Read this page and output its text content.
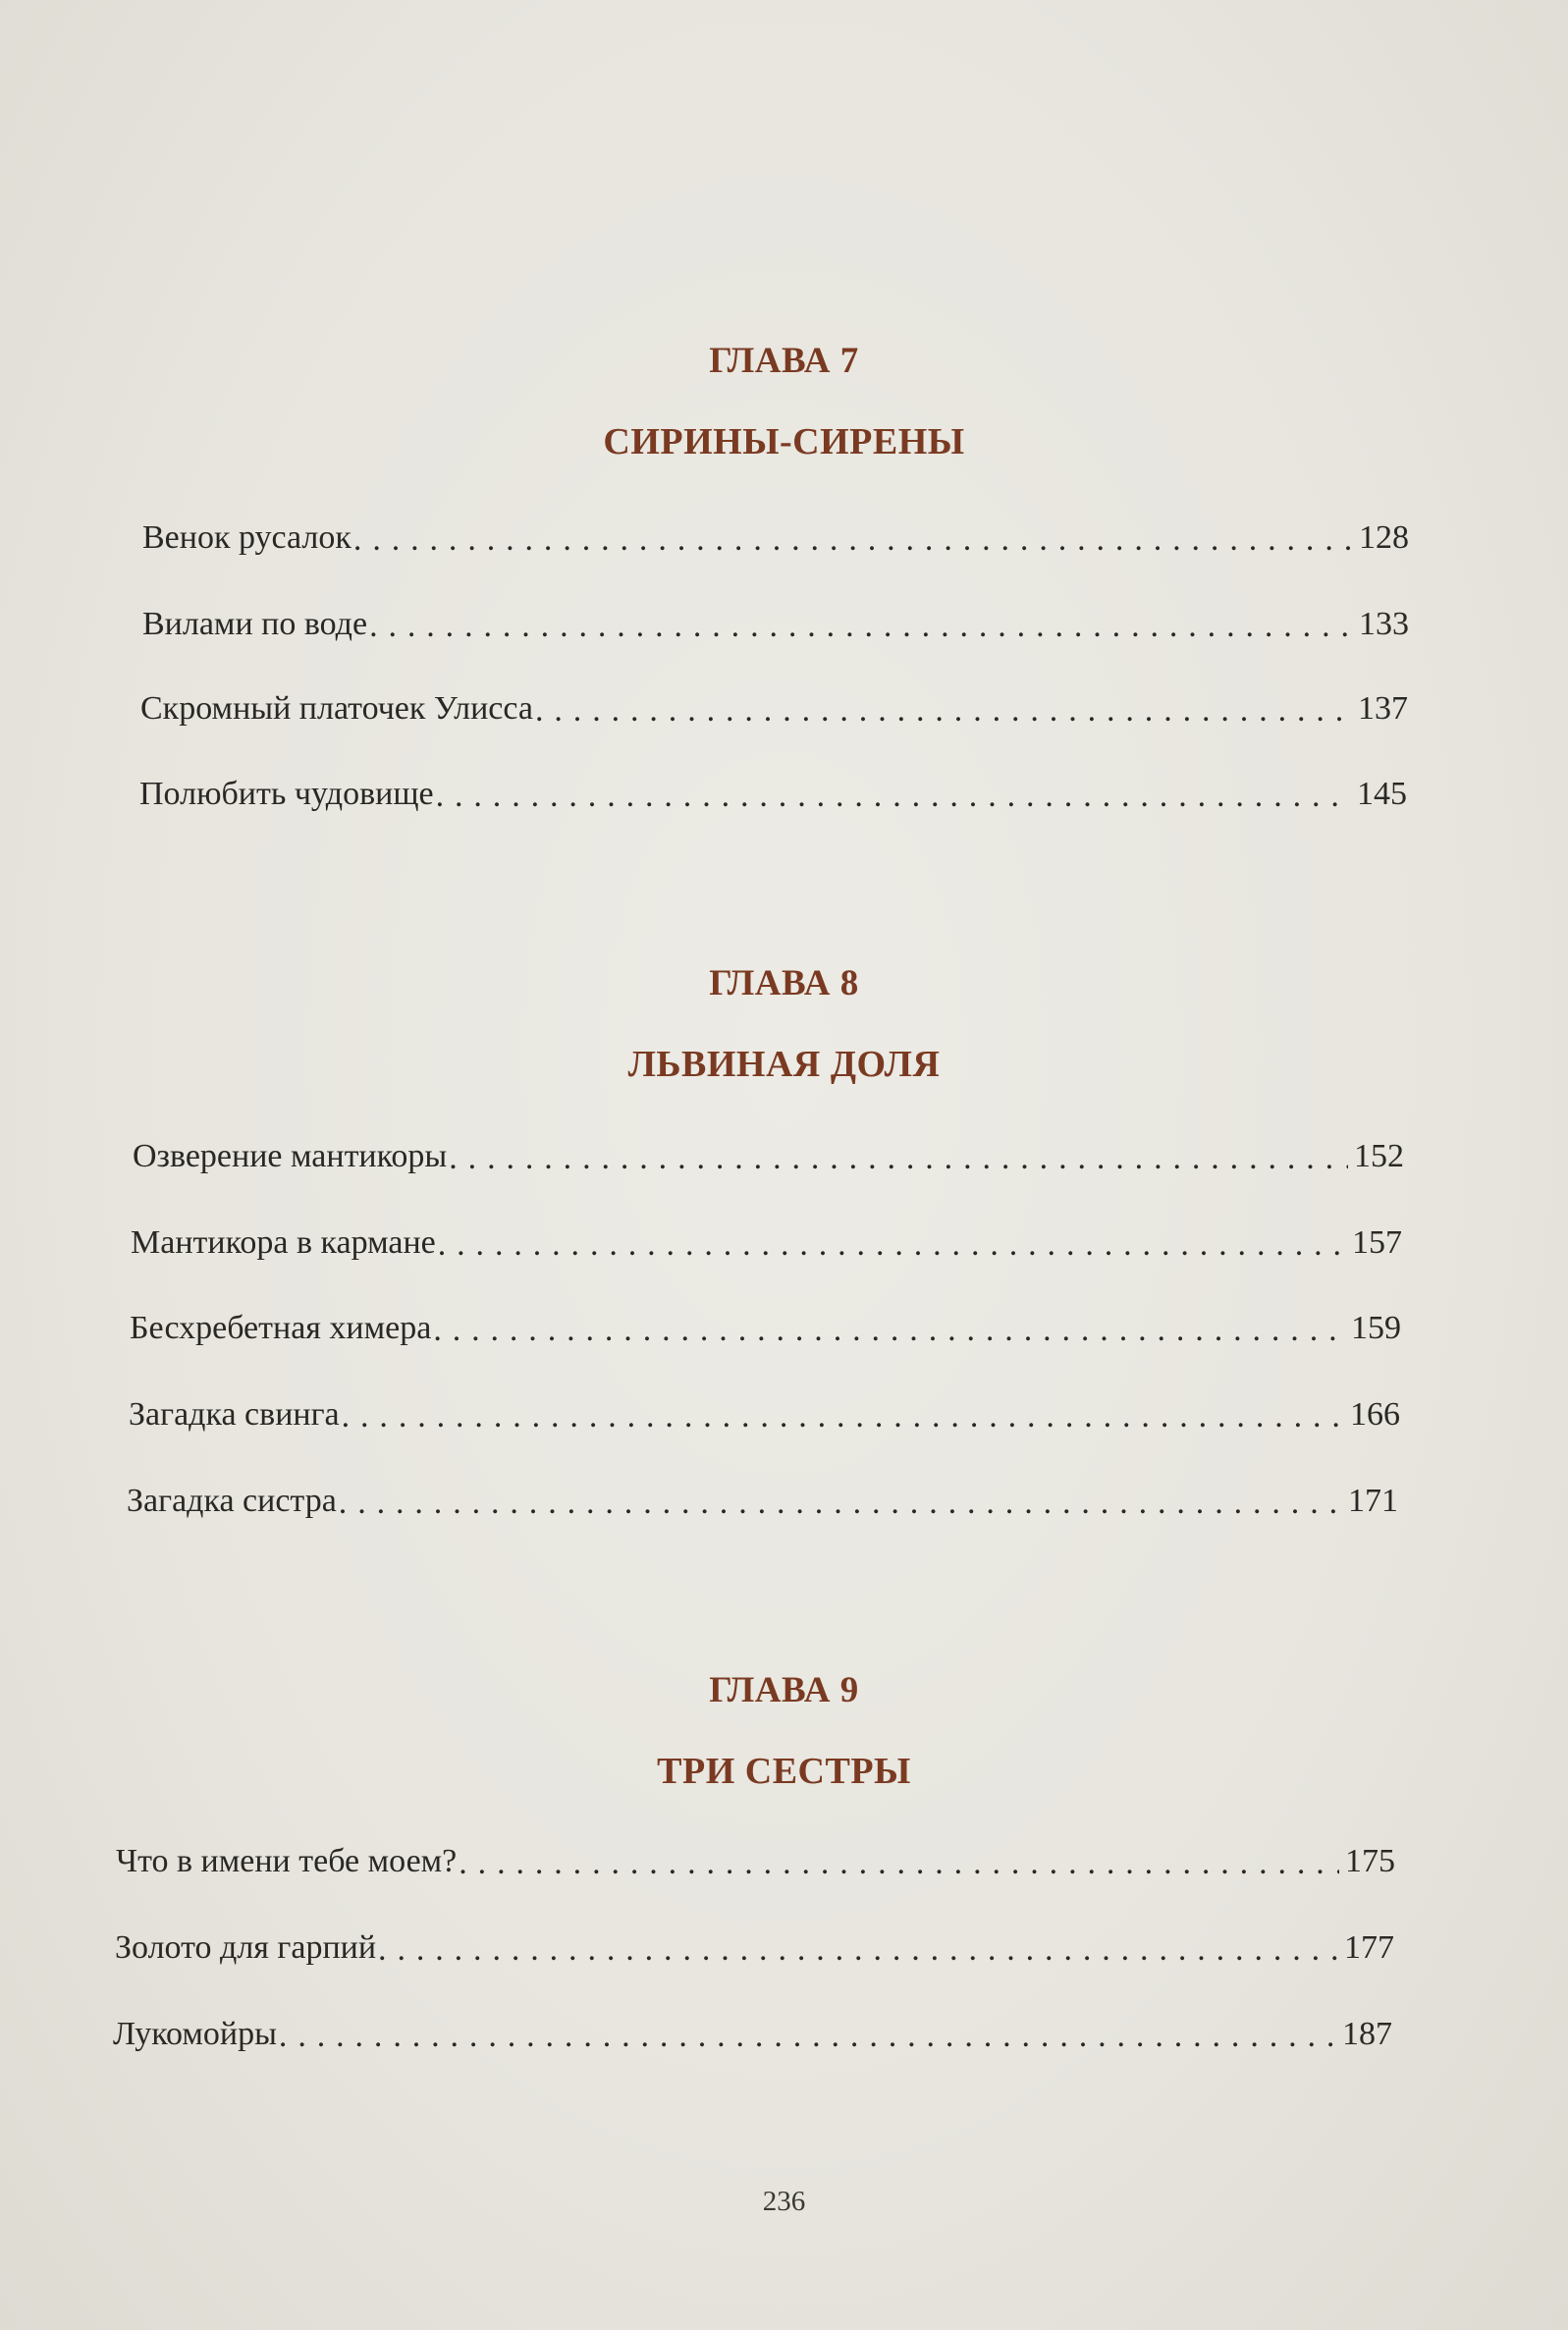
ГЛАВА 7
СИРИНЫ-СИРЕНЫ
Венок русалок . . .	128
Вилами по воде . . .	133
Скромный платочек Улисса . . .	137
Полюбить чудовище . . .	145
ГЛАВА 8
ЛЬВИНАЯ ДОЛЯ
Озверение мантикоры . . .	152
Мантикора в кармане . . .	157
Бесхребетная химера . . .	159
Загадка свинга . . .	166
Загадка систра . . .	171
ГЛАВА 9
ТРИ СЕСТРЫ
Что в имени тебе моем? . . .	175
Золото для гарпий . . .	177
Лукомойры . . .	187
236
